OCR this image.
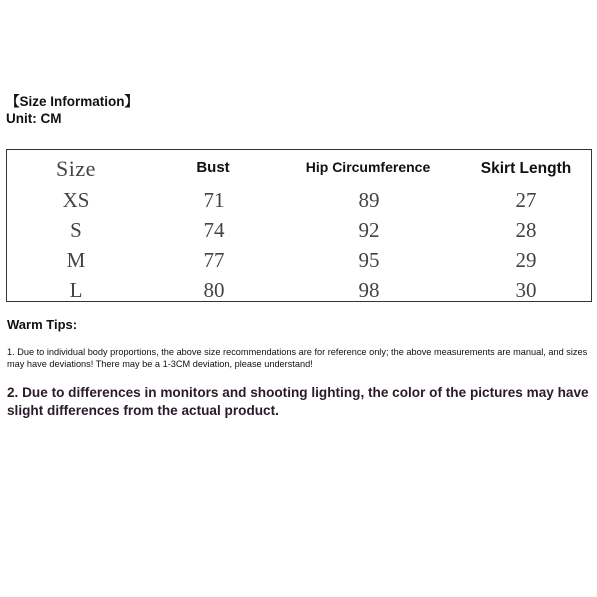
【Size Information】 Unit: CM
Size	Bust	Hip Circumference	Skirt Length
XS	71	89	27
S	74	92	28
M	77	95	29
L	80	98	30
Warm Tips:
1. Due to individual body proportions, the above size recommendations are for reference only; the above measurements are manual, and sizes may have deviations! There may be a 1-3CM deviation, please understand!
2. Due to differences in monitors and shooting lighting, the color of the pictures may have slight differences from the actual product.
